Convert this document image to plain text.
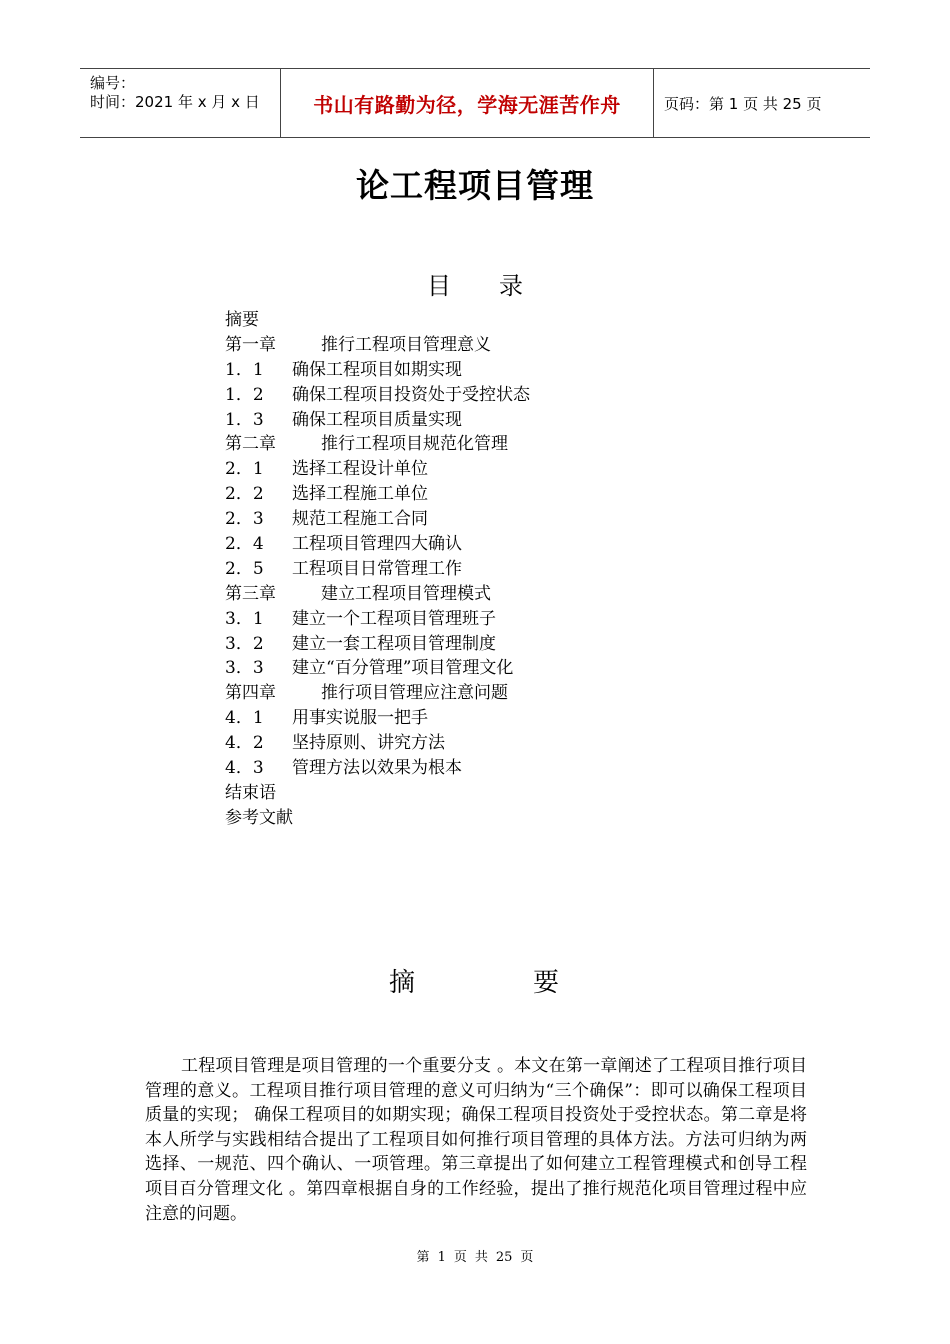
编号：
时间：2021 年 x 月 x 日	书山有路勤为径，学海无涯苦作舟	页码：第 1 页 共 25 页
论工程项目管理
目　　录
摘要
第一章	推行工程项目管理意义
1．1 确保工程项目如期实现
1．2 确保工程项目投资处于受控状态
1．3 确保工程项目质量实现
第二章	推行工程项目规范化管理
2．1 选择工程设计单位
2．2 选择工程施工单位
2．3 规范工程施工合同
2．4 工程项目管理四大确认
2．5 工程项目日常管理工作
第三章	建立工程项目管理模式
3．1 建立一个工程项目管理班子
3．2 建立一套工程项目管理制度
3．3 建立“百分管理”项目管理文化
第四章	推行项目管理应注意问题
4．1 用事实说服一把手
4．2 坚持原则、讲究方法
4．3 管理方法以效果为根本
结束语
参考文献
摘	要
工程项目管理是项目管理的一个重要分支 。本文在第一章阐述了工程项目推行项目管理的意义。工程项目推行项目管理的意义可归纳为“三个确保”：即可以确保工程项目质量的实现； 确保工程项目的如期实现；确保工程项目投资处于受控状态。第二章是将本人所学与实践相结合提出了工程项目如何推行项目管理的具体方法。方法可归纳为两选择、一规范、四个确认、一项管理。第三章提出了如何建立工程管理模式和创导工程项目百分管理文化 。第四章根据自身的工作经验，提出了推行规范化项目管理过程中应注意的问题。
第 1 页 共 25 页
